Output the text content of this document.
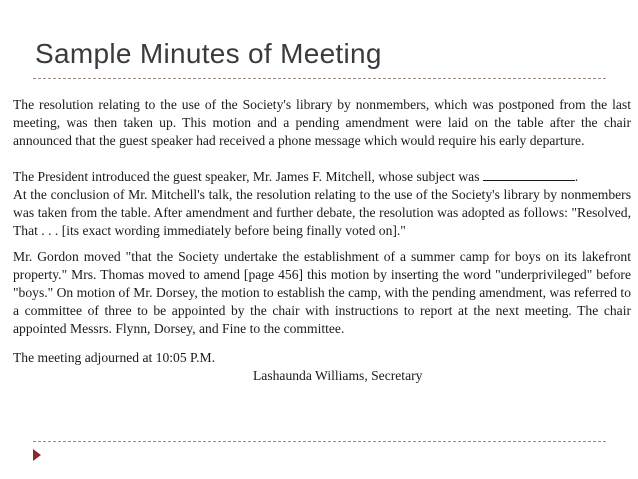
Sample Minutes of Meeting

The resolution relating to the use of the Society's library by nonmembers, which was postponed from the last meeting, was then taken up. This motion and a pending amendment were laid on the table after the chair announced that the guest speaker had received a phone message which would require his early departure.

The President introduced the guest speaker, Mr. James F. Mitchell, whose subject was	.

At the conclusion of Mr. Mitchell's talk, the resolution relating to the use of the Society's library by nonmembers was taken from the table. After amendment and further debate, the resolution was adopted as follows: "Resolved, That . . . [its exact wording immediately before being finally voted on]."

Mr. Gordon moved "that the Society undertake the establishment of a summer camp for boys on its lakefront property." Mrs. Thomas moved to amend [page 456] this motion by inserting the word "underprivileged" before "boys." On motion of Mr. Dorsey, the motion to establish the camp, with the pending amendment, was referred to a committee of three to be appointed by the chair with instructions to report at the next meeting. The chair appointed Messrs. Flynn, Dorsey, and Fine to the committee.

The meeting adjourned at 10:05 P.M.

Lashaunda Williams, Secretary
